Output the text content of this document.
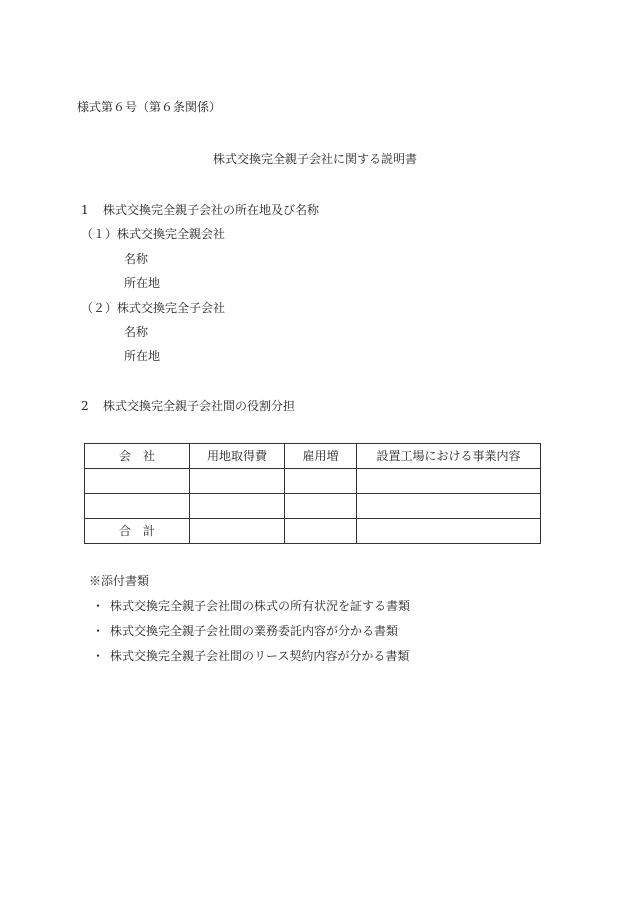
様式第６号（第６条関係）
株式交換完全親子会社に関する説明書
1 株式交換完全親子会社の所在地及び名称
（１）株式交換完全親会社
名称
所在地
（２）株式交換完全子会社
名称
所在地
2 株式交換完全親子会社間の役割分担
会　社	用地取得費	雇用増	設置工場における事業内容

合　計			
※添付書類
・ 株式交換完全親子会社間の株式の所有状況を証する書類
・ 株式交換完全親子会社間の業務委託内容が分かる書類
・ 株式交換完全親子会社間のリース契約内容が分かる書類
